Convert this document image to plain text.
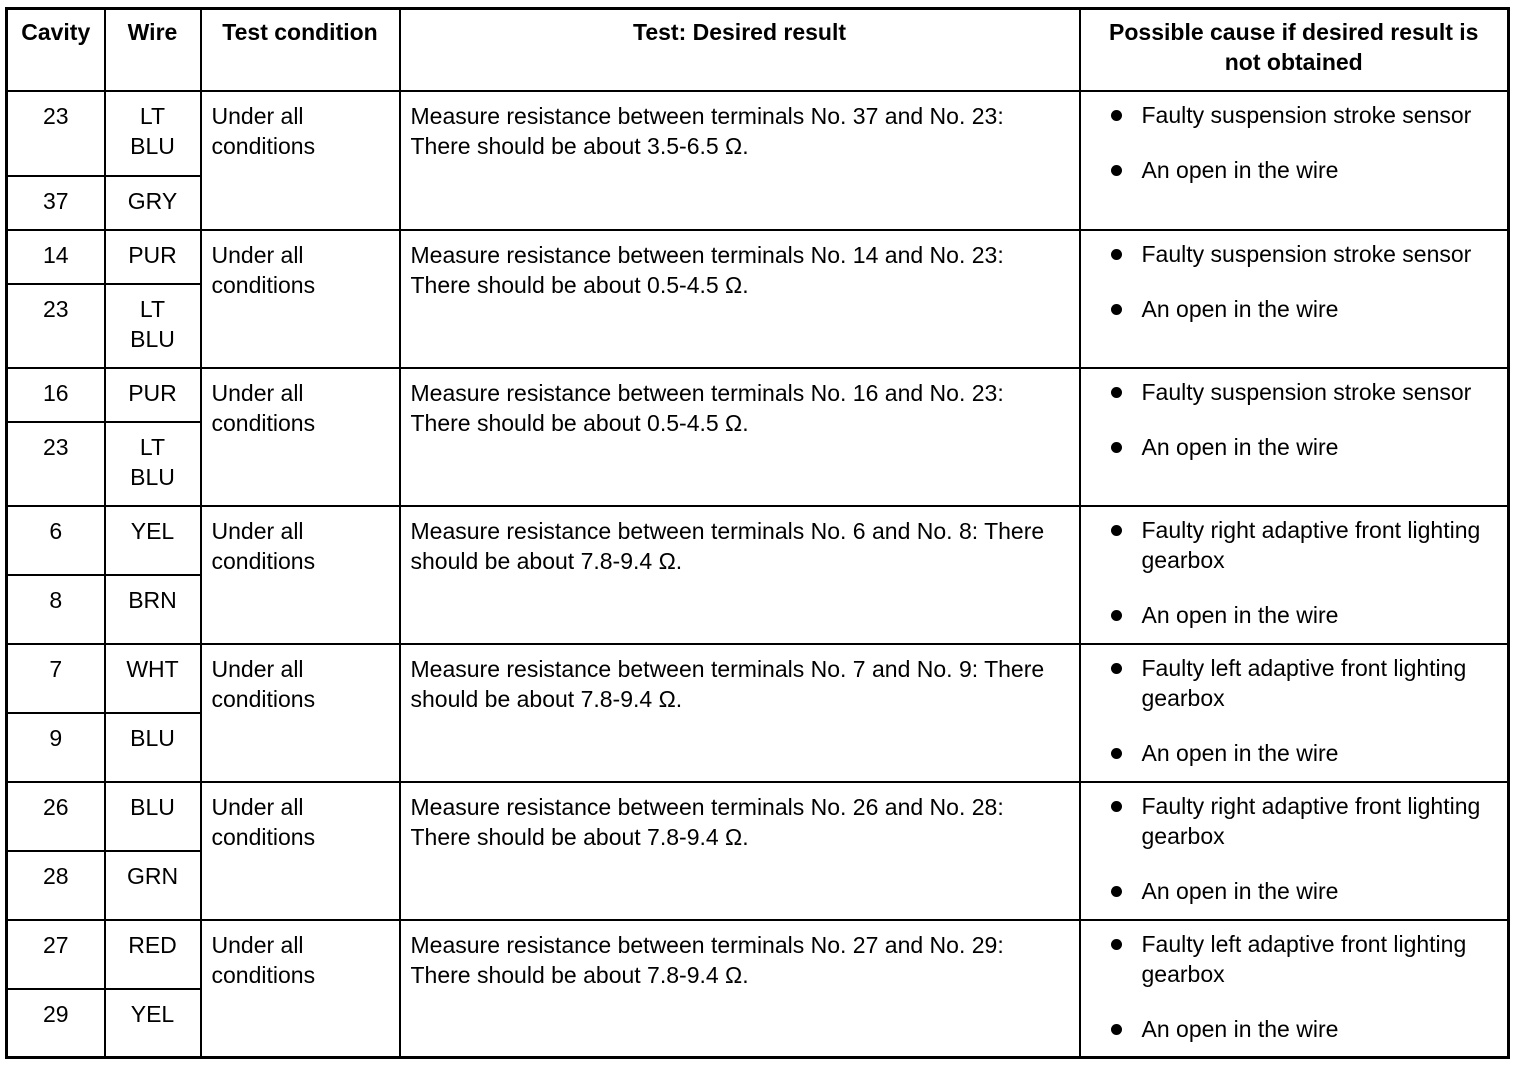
Cavity	Wire	Test condition	Test: Desired result	Possible cause if desired result is not obtained
23	LT BLU	Under all conditions	Measure resistance between terminals No. 37 and No. 23: There should be about 3.5-6.5 Ω.	Faulty suspension stroke sensor
An open in the wire

37	GRY			
14	PUR	Under all conditions	Measure resistance between terminals No. 14 and No. 23: There should be about 0.5-4.5 Ω.	Faulty suspension stroke sensor
An open in the wire

23	LT BLU			
16	PUR	Under all conditions	Measure resistance between terminals No. 16 and No. 23: There should be about 0.5-4.5 Ω.	Faulty suspension stroke sensor
An open in the wire

23	LT BLU			
6	YEL	Under all conditions	Measure resistance between terminals No. 6 and No. 8: There should be about 7.8-9.4 Ω.	Faulty right adaptive front lighting gearbox
An open in the wire

8	BRN			
7	WHT	Under all conditions	Measure resistance between terminals No. 7 and No. 9: There should be about 7.8-9.4 Ω.	Faulty left adaptive front lighting gearbox
An open in the wire

9	BLU			
26	BLU	Under all conditions	Measure resistance between terminals No. 26 and No. 28: There should be about 7.8-9.4 Ω.	Faulty right adaptive front lighting gearbox
An open in the wire

28	GRN			
27	RED	Under all conditions	Measure resistance between terminals No. 27 and No. 29: There should be about 7.8-9.4 Ω.	Faulty left adaptive front lighting gearbox
An open in the wire

29	YEL			
